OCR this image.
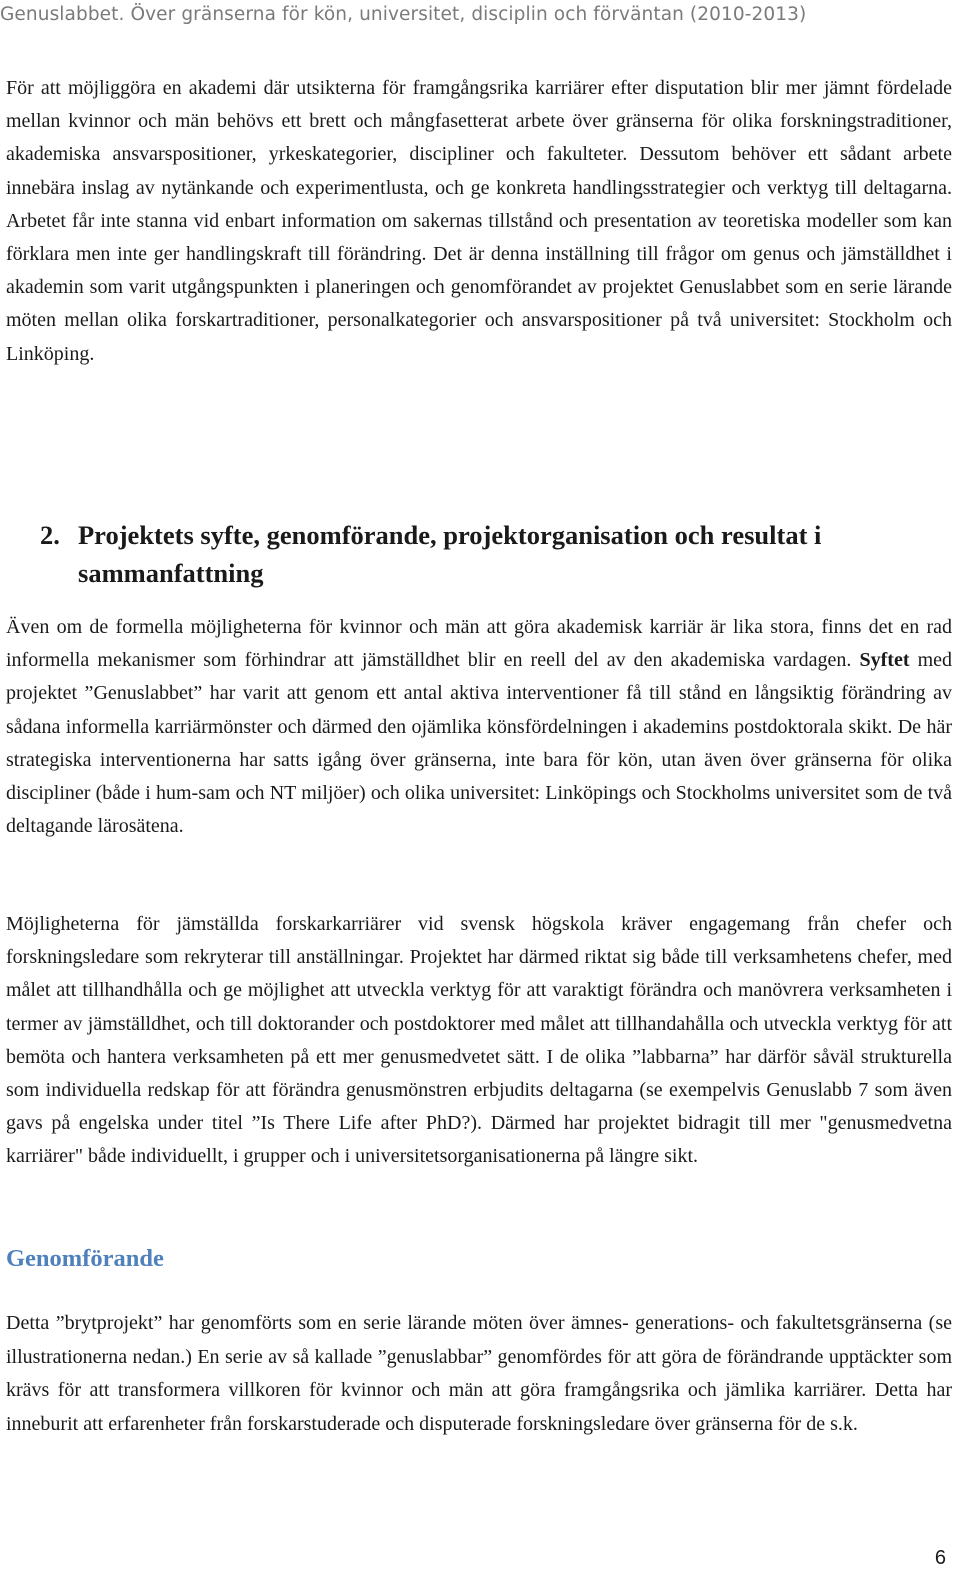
Genuslabbet. Över gränserna för kön, universitet, disciplin och förväntan (2010-2013)

För att möjliggöra en akademi där utsikterna för framgångsrika karriärer efter disputation blir mer jämnt fördelade mellan kvinnor och män behövs ett brett och mångfasetterat arbete över gränserna för olika forskningstraditioner, akademiska ansvarspositioner, yrkeskategorier, discipliner och fakulteter. Dessutom behöver ett sådant arbete innebära inslag av nytänkande och experimentlusta, och ge konkreta handlingsstrategier och verktyg till deltagarna. Arbetet får inte stanna vid enbart information om sakernas tillstånd och presentation av teoretiska modeller som kan förklara men inte ger handlingskraft till förändring. Det är denna inställning till frågor om genus och jämställdhet i akademin som varit utgångspunkten i planeringen och genomförandet av projektet Genuslabbet som en serie lärande möten mellan olika forskartraditioner, personalkategorier och ansvarspositioner på två universitet: Stockholm och Linköping.

2. Projektets syfte, genomförande, projektorganisation och resultat i sammanfattning

Även om de formella möjligheterna för kvinnor och män att göra akademisk karriär är lika stora, finns det en rad informella mekanismer som förhindrar att jämställdhet blir en reell del av den akademiska vardagen. Syftet med projektet ”Genuslabbet” har varit att genom ett antal aktiva interventioner få till stånd en långsiktig förändring av sådana informella karriärmönster och därmed den ojämlika könsfördelningen i akademins postdoktorala skikt. De här strategiska interventionerna har satts igång över gränserna, inte bara för kön, utan även över gränserna för olika discipliner (både i hum-sam och NT miljöer) och olika universitet: Linköpings och Stockholms universitet som de två deltagande lärosätena.

Möjligheterna för jämställda forskarkarriärer vid svensk högskola kräver engagemang från chefer och forskningsledare som rekryterar till anställningar. Projektet har därmed riktat sig både till verksamhetens chefer, med målet att tillhandhålla och ge möjlighet att utveckla verktyg för att varaktigt förändra och manövrera verksamheten i termer av jämställdhet, och till doktorander och postdoktorer med målet att tillhandahålla och utveckla verktyg för att bemöta och hantera verksamheten på ett mer genusmedvetet sätt. I de olika ”labbarna” har därför såväl strukturella som individuella redskap för att förändra genusmönstren erbjudits deltagarna (se exempelvis Genuslabb 7 som även gavs på engelska under titel ”Is There Life after PhD?). Därmed har projektet bidragit till mer "genusmedvetna karriärer" både individuellt, i grupper och i universitetsorganisationerna på längre sikt.

Genomförande

Detta ”brytprojekt” har genomförts som en serie lärande möten över ämnes- generations- och fakultetsgränserna (se illustrationerna nedan.) En serie av så kallade ”genuslabbar” genomfördes för att göra de förändrande upptäckter som krävs för att transformera villkoren för kvinnor och män att göra framgångsrika och jämlika karriärer. Detta har inneburit att erfarenheter från forskarstuderade och disputerade forskningsledare över gränserna för de s.k.

6
